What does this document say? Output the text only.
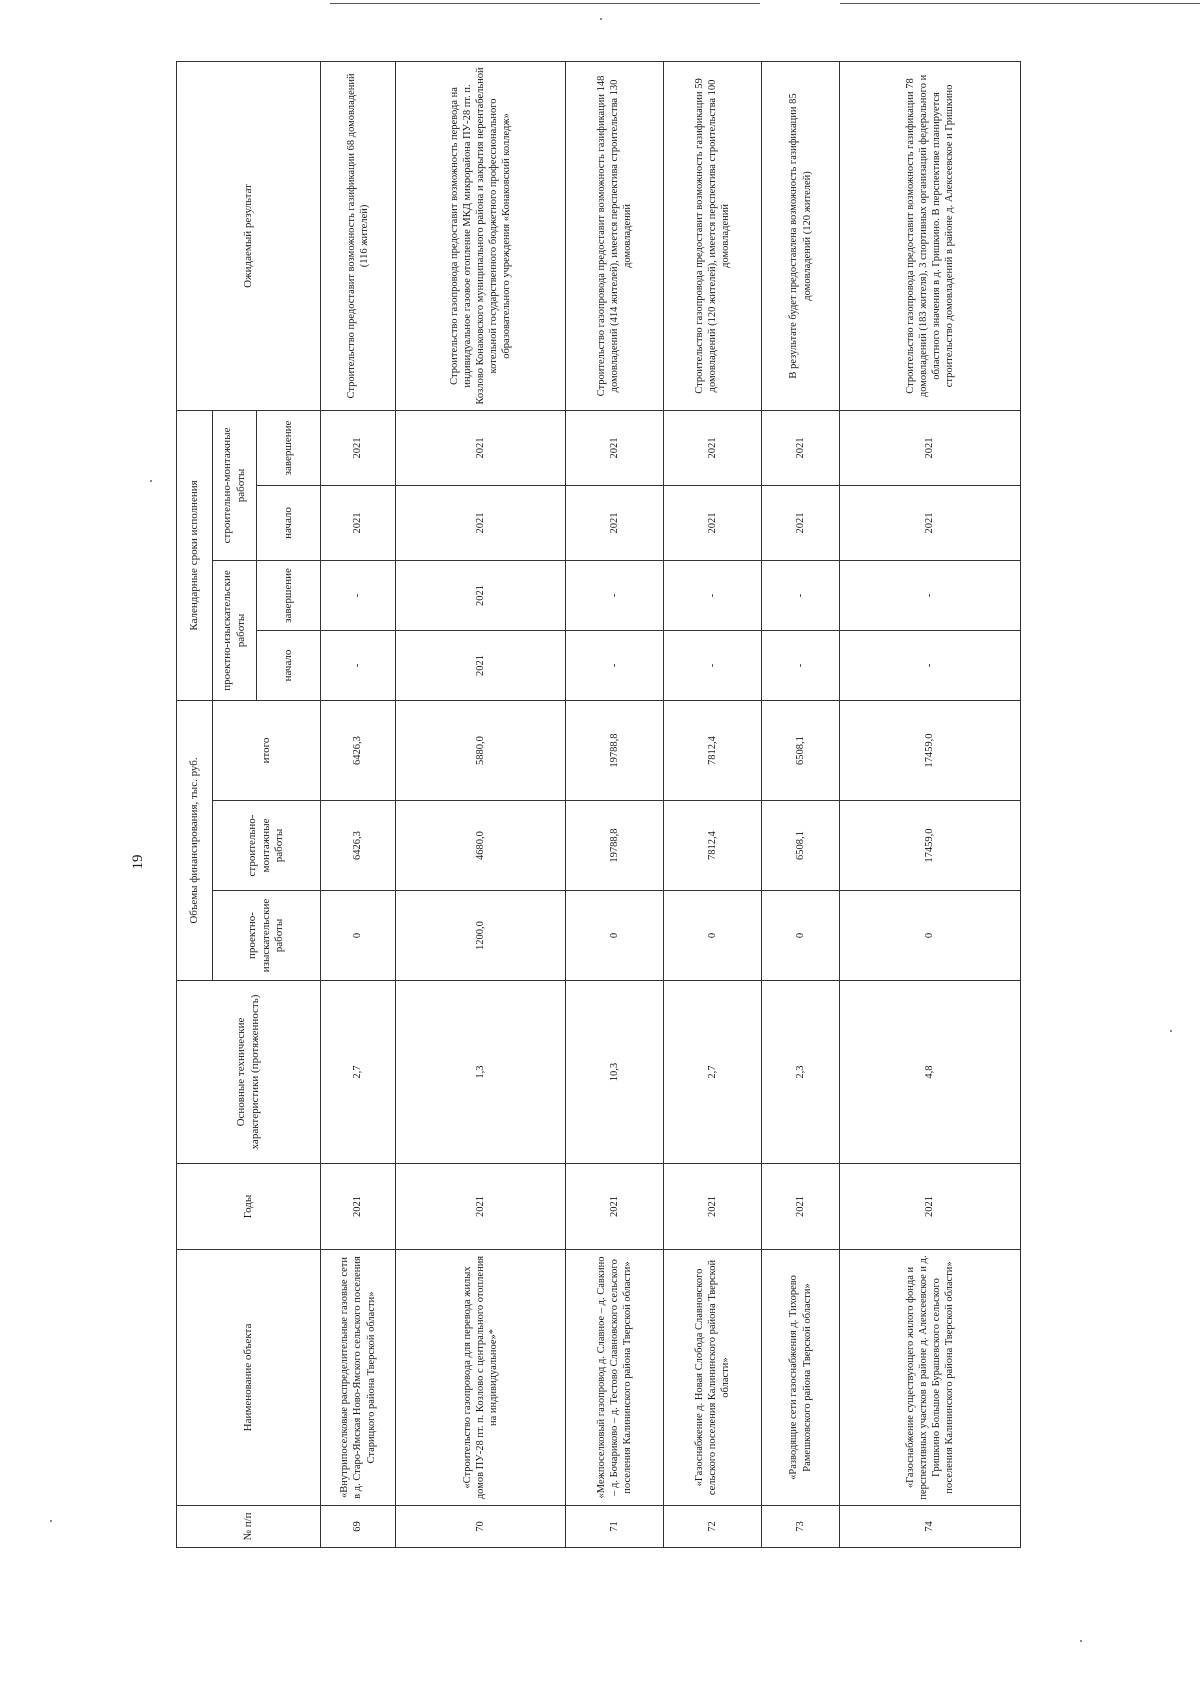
19
№ п/п	Наименование объекта	Годы	Основные технические характеристики (протяженность)	Объемы финансирования, тыс. руб.			Календарные сроки исполнения				Ожидаемый результат
				проектно-изыскательские работы	строительно-монтажные работы	итого	проектно-изыскательские работы		строительно-монтажные работы		
							начало	завершение	начало	завершение	
69	«Внутрипоселковые распределительные газовые сети в д. Старо-Ямская Ново-Ямского сельского поселения Старицкого района Тверской области»	2021	2,7	0	6426,3	6426,3	-	-	2021	2021	Строительство предоставит возможность газификации 68 домовладений (116 жителей)
70	«Строительство газопровода для перевода жилых домов ПУ-28 пт. п. Козлово с центрального отопления на индивидуальное»*	2021	1,3	1200,0	4680,0	5880,0	2021	2021	2021	2021	Строительство газопровода предоставит возможность перевода на индивидуальное газовое отопление МКД микрорайона ПУ-28 пт. п. Козлово Конаковского муниципального района и закрытия нерентабельной котельной государственного бюджетного профессионального образовательного учреждения «Конаковский колледж»
71	«Межпоселковый газопровод д. Славное – д. Савкино – д. Бочариково – д. Тестово Славновского сельского поселения Калининского района Тверской области»	2021	10,3	0	19788,8	19788,8	-	-	2021	2021	Строительство газопровода предоставит возможность газификации 148 домовладений (414 жителей), имеется перспектива строительства 130 домовладений
72	«Газоснабжение д. Новая Слобода Славновского сельского поселения Калининского района Тверской области»	2021	2,7	0	7812,4	7812,4	-	-	2021	2021	Строительство газопровода предоставит возможность газификации 59 домовладений (120 жителей), имеется перспектива строительства 100 домовладений
73	«Разводящие сети газоснабжения д. Тихорево Рамешковского района Тверской области»	2021	2,3	0	6508,1	6508,1	-	-	2021	2021	В результате будет предоставлена возможность газификации 85 домовладений (120 жителей)
74	«Газоснабжение существующего жилого фонда и перспективных участков в районе д. Алексеевское и д. Гришкино Большое Бурашевского сельского поселения Калининского района Тверской области»	2021	4,8	0	17459,0	17459,0	-	-	2021	2021	Строительство газопровода предоставит возможность газификации 78 домовладений (183 жителя), 3 спортивных организаций федерального и областного значения в д. Гришкино. В перспективе планируется строительство домовладений в районе д. Алексеевское и Гришкино
